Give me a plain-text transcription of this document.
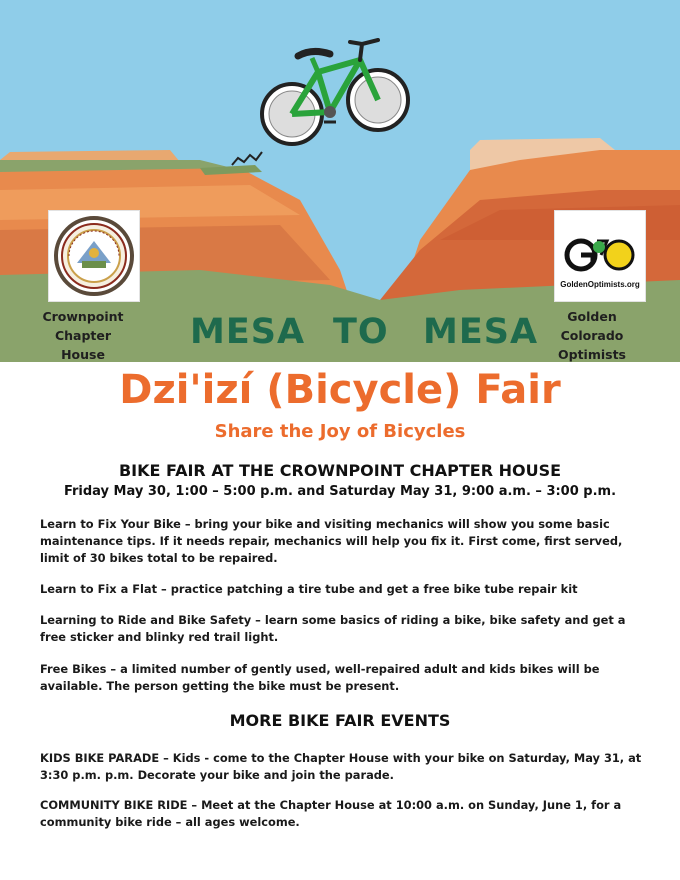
GoldenOptimists.org
Crownpoint
Chapter
House
Golden
Colorado
Optimists
MESA TO MESA
Dzi'izí (Bicycle) Fair
Share the Joy of Bicycles
BIKE FAIR AT THE CROWNPOINT CHAPTER HOUSE

Friday May 30, 1:00 – 5:00 p.m. and Saturday May 31, 9:00 a.m. – 3:00 p.m.

Learn to Fix Your Bike – bring your bike and visiting mechanics will show you some basic maintenance tips. If it needs repair, mechanics will help you fix it. First come, first served, limit of 30 bikes total to be repaired.

Learn to Fix a Flat – practice patching a tire tube and get a free bike tube repair kit

Learning to Ride and Bike Safety – learn some basics of riding a bike, bike safety and get a free sticker and blinky red trail light.

Free Bikes – a limited number of gently used, well-repaired adult and kids bikes will be available. The person getting the bike must be present.

MORE BIKE FAIR EVENTS

KIDS BIKE PARADE – Kids - come to the Chapter House with your bike on Saturday, May 31, at 3:30 p.m. p.m. Decorate your bike and join the parade.

COMMUNITY BIKE RIDE – Meet at the Chapter House at 10:00 a.m. on Sunday, June 1, for a community bike ride – all ages welcome.
